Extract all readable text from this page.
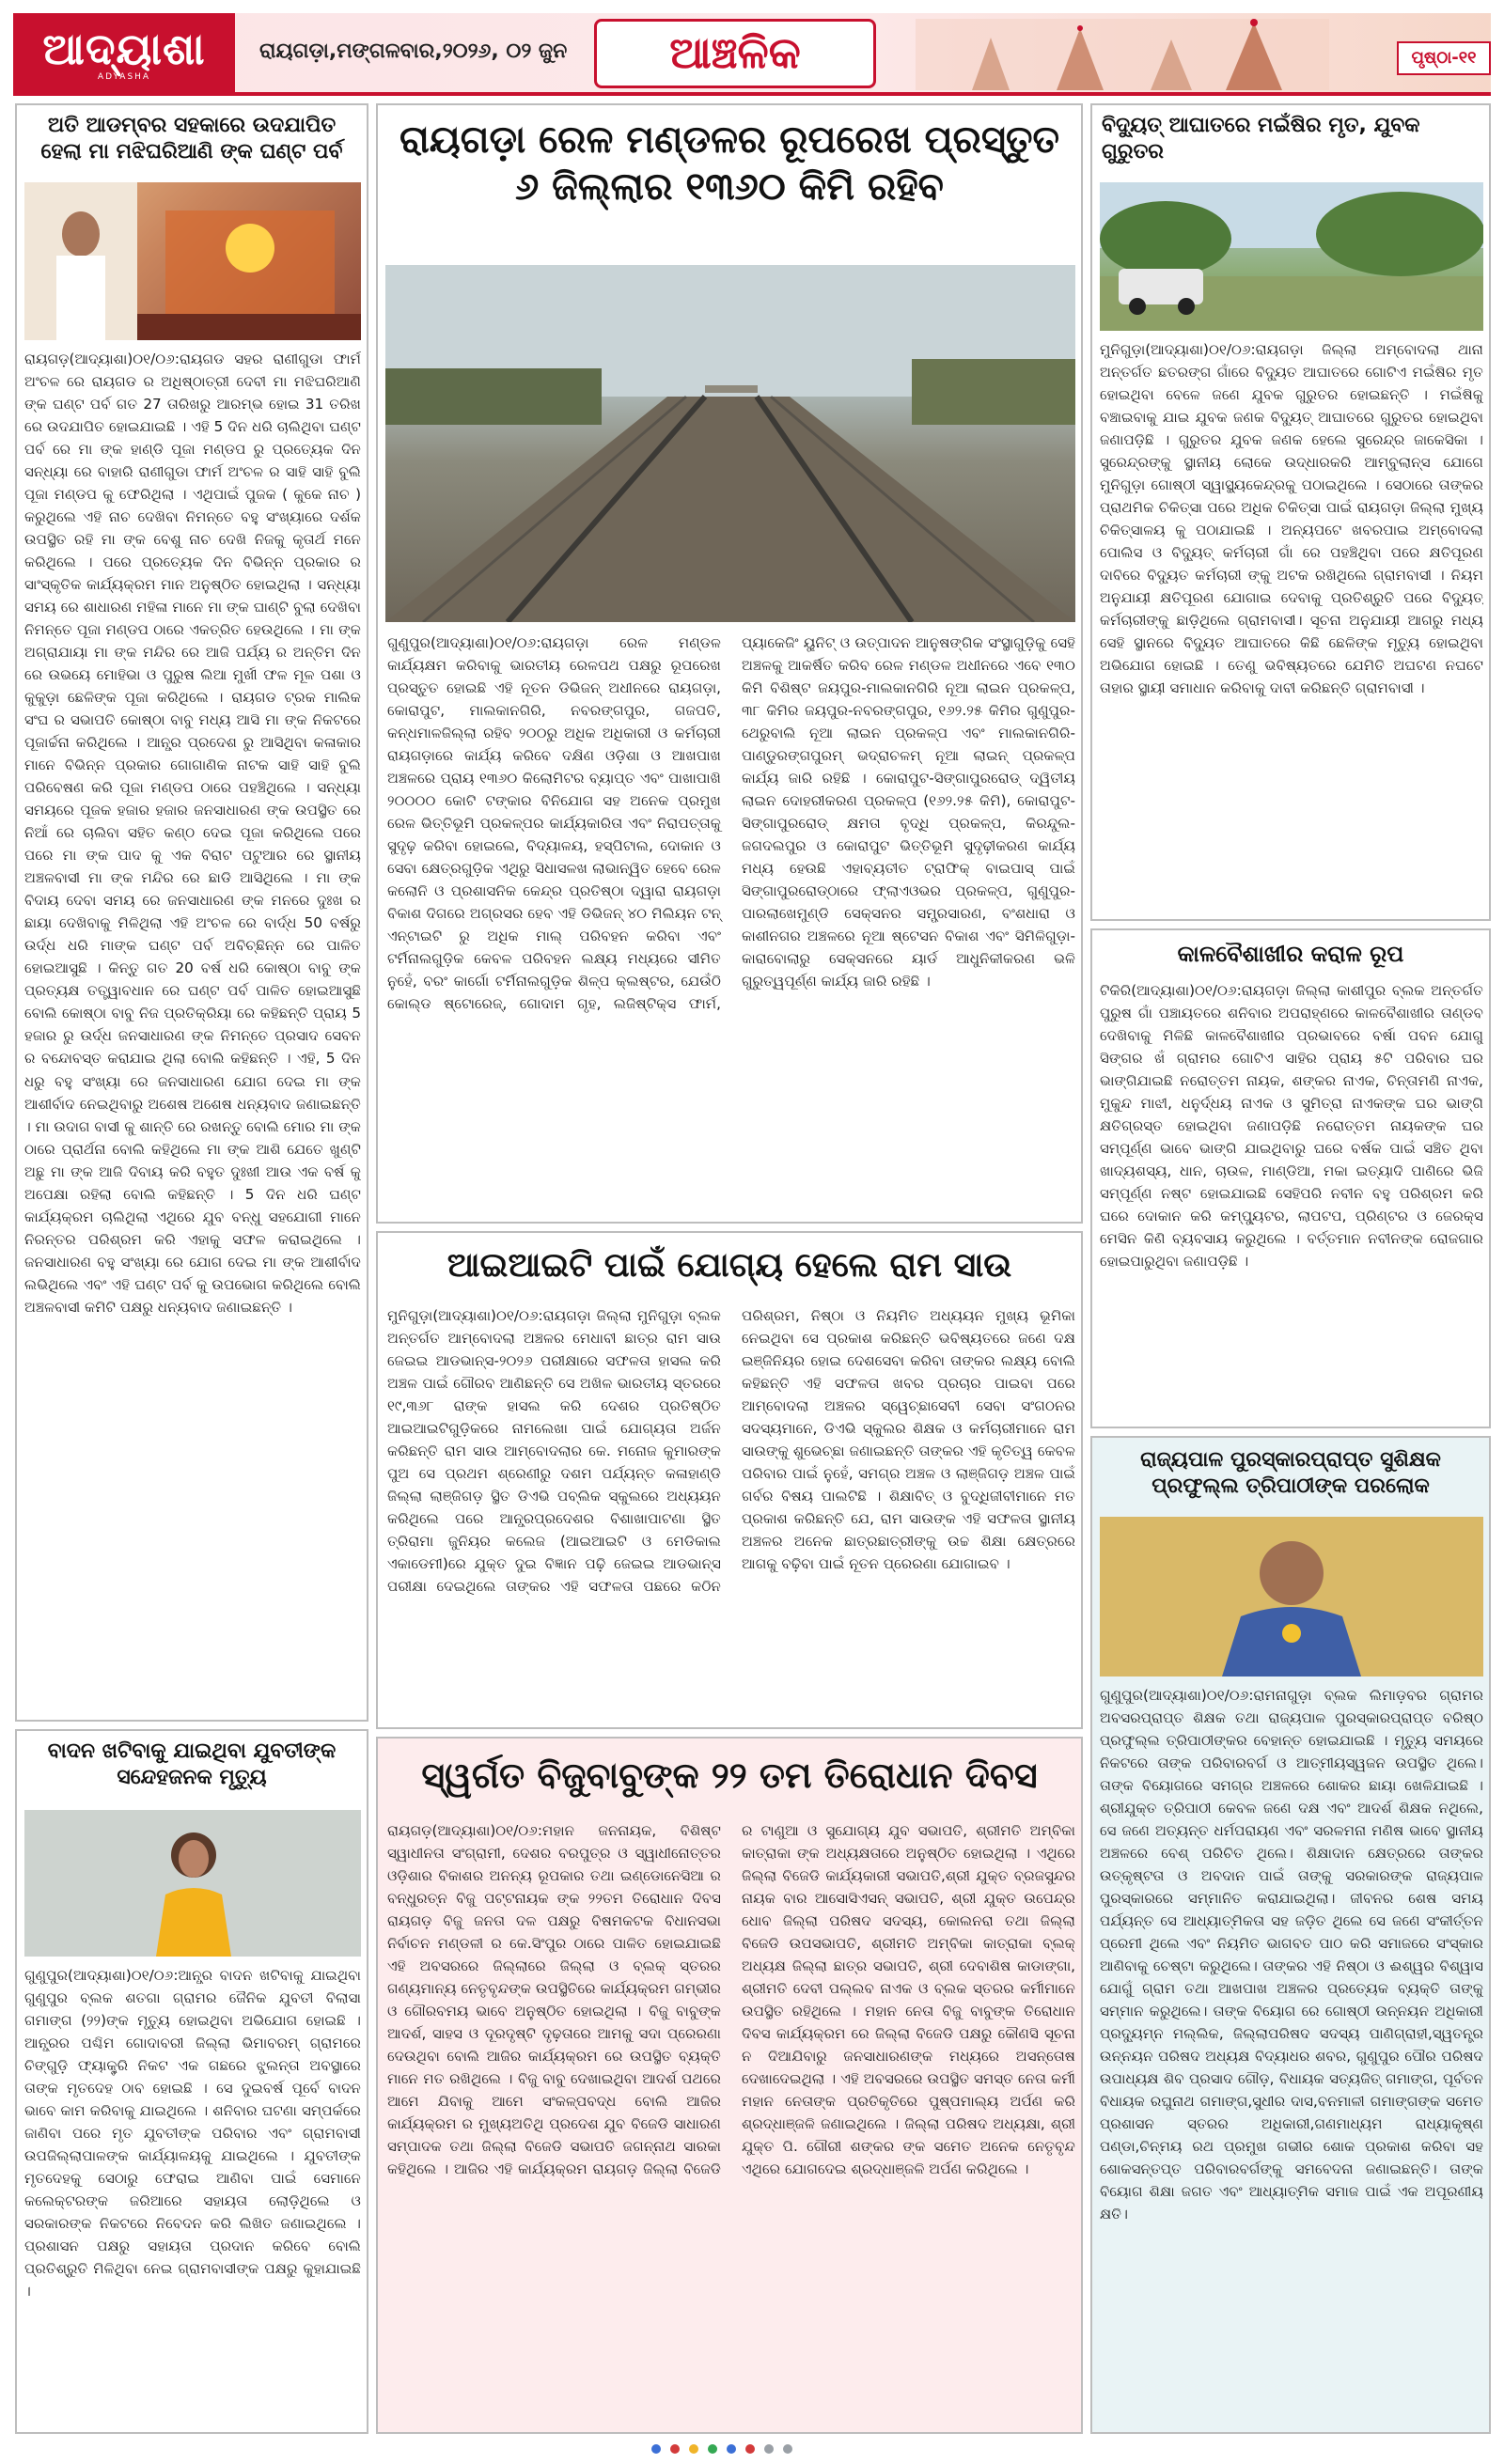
ଆଦ୍ୟାଶା
ADYASHA
ରାୟଗଡ଼ା,ମଙ୍ଗଳବାର,୨୦୨୬, ୦୨ ଜୁନ	ଆଞ୍ଚଳିକ	ପୃଷ୍ଠା-୧୧
ଅତି ଆଡମ୍ବର ସହକାରେ ଉଦଯାପିତ ହେଲା ମା ମଝିଘରିଆଣି ଙ୍କ ଘଣ୍ଟ ପର୍ବ
ରାୟଗଡ଼(ଆଦ୍ୟାଶା)୦୧/୦୬:ରାୟଗଡ ସହର ରାଣୀଗୁଡା ଫାର୍ମ ଅଂଚଳ ରେ ରାୟଗଡ ର ଅଧିଷ୍ଠାତ୍ରୀ ଦେବୀ ମା ମଝିଘରିଆଣି ଙ୍କ ଘଣ୍ଟ ପର୍ବ ଗତ 27 ତାରିଖରୁ ଆରମ୍ଭ ହୋଇ 31 ତରିଖ ରେ ଉଦଯାପିତ ହୋଇଯାଇଛି । ଏହି 5 ଦିନ ଧରି ଚାଲିଥିବା ଘଣ୍ଟ ପର୍ବ ରେ ମା ଙ୍କ ହାଣ୍ଡି ପୂଜା ମଣ୍ଡପ ରୁ ପ୍ରତ୍ୟେକ ଦିନ ସନ୍ଧ୍ୟା ରେ ବାହାରି ରାଣୀଗୁଡା ଫାର୍ମ ଅଂଚଳ ର ସାହି ସାହି ବୁଲି ପୂଜା ମଣ୍ଡପ କୁ ଫେରିଥିଲା । ଏଥିପାଇଁ ପୁଜକ ( କୁକେ ନାଚ ) କରୁଥିଲେ ଏହି ନାଚ ଦେଖିବା ନିମନ୍ତେ ବହୁ ସଂଖ୍ୟାରେ ଦର୍ଶକ ଉପସ୍ଥିତ ରହି ମା ଙ୍କ ବେଶୁ ନାଚ ଦେଖି ନିଜକୁ କୃତାର୍ଥ ମନେ କରିଥିଲେ । ପରେ ପ୍ରତ୍ୟେକ ଦିନ ବିଭିନ୍ନ ପ୍ରକାର ର ସାଂସ୍କୃତିକ କାର୍ଯ୍ୟକ୍ରମ ମାନ ଅନୁଷ୍ଠିତ ହୋଇଥିଲା । ସନ୍ଧ୍ୟା ସମୟ ରେ ଶାଧାରଣ ମହିଳା ମାନେ ମା ଙ୍କ ଘାଣ୍ଟି ବୁଲା ଦେଖିବା ନିମନ୍ତେ ପୂଜା ମଣ୍ଡପ ଠାରେ ଏକତ୍ରିତ ହେଉଥିଲେ । ମା ଙ୍କ ଅଗ୍ରାଯାୟା ମା ଙ୍କ ମନ୍ଦିର ରେ ଆଜି ପର୍ଯ୍ୟ ର ଅନ୍ତିମ ଦିନ ରେ ଉଭୟେ ମୋହିଭା ଓ ପୁରୁଷ ଲିଆ ମୁର୍ଖୀ ଫଳ ମୂଳ ପଶା ଓ କୁକୁଡ଼ା ଛେଳିଙ୍କ ପୂଜା କରିଥିଲେ । ରାୟଗଡ ଟ୍ରକ ମାଲିକ ସଂଘ ର ସଭାପତି କୋଷ୍ଠା ବାବୁ ମଧ୍ୟ ଆସି ମା ଙ୍କ ନିକଟରେ ପୂଜାର୍ଚ୍ଚନା କରିଥିଲେ । ଆନ୍ଧ୍ର ପ୍ରଦେଶ ରୁ ଆସିଥିବା କଳାକାର ମାନେ ବିଭିନ୍ନ ପ୍ରକାର ଗୋଗାଣିକ ନାଟକ ସାହି ସାହି ବୁଲି ପରିବେଷଣ କରି ପୂଜା ମଣ୍ଡପ ଠାରେ ପହଞ୍ଚିଥିଲେ । ସନ୍ଧ୍ୟା ସମୟରେ ପୂଜକ ହଜାର ହଜାର ଜନସାଧାରଣ ଙ୍କ ଉପସ୍ଥିତ ରେ ନିଆଁ ରେ ଚାଲିବା ସହିତ କଣ୍ଠ ଦେଇ ପୂଜା କରିଥିଲେ ପରେ ପରେ ମା ଙ୍କ ପାଦ କୁ ଏକ ବିରାଟ ପଟୁଆର ରେ ସ୍ଥାନୀୟ ଅଞ୍ଚଳବାସୀ ମା ଙ୍କ ମନ୍ଦିର ରେ ଛାଡି ଆସିଥିଲେ । ମା ଙ୍କ ବିଦାୟ ଦେବା ସମୟ ରେ ଜନସାଧାରଣ ଙ୍କ ମନରେ ଦୁଃଖ ର ଛାୟା ଦେଖିବାକୁ ମିଳିଥିଲା ଏହି ଅଂଚଳ ରେ ବାର୍ଦ୍ଧ 50 ବର୍ଷରୁ ଉର୍ଦ୍ଧ ଧରି ମାଙ୍କ ଘଣ୍ଟ ପର୍ବ ଅବିଚ୍ଛିନ୍ନ ରେ ପାଳିତ ହୋଇଆସୁଛି । କିନ୍ତୁ ଗତ 20 ବର୍ଷ ଧରି କୋଷ୍ଠା ବାବୁ ଙ୍କ ପ୍ରତ୍ୟକ୍ଷ ତତ୍ତ୍ୱାବଧାନ ରେ ଘଣ୍ଟ ପର୍ବ ପାଳିତ ହୋଇଆସୁଛି ବୋଲି କୋଷ୍ଠା ବାବୁ ନିଜ ପ୍ରତିକ୍ରିୟା ରେ କହିଛନ୍ତି ପ୍ରାୟ 5 ହଜାର ରୁ ଉର୍ଦ୍ଧ ଜନସାଧାରଣ ଙ୍କ ନିମନ୍ତେ ପ୍ରସାଦ ସେବନ ର ବନ୍ଦୋବସ୍ତ କରାଯାଇ ଥିଲା ବୋଲି କହିଛନ୍ତି । ଏହି, 5 ଦିନ ଧରୁ ବହୁ ସଂଖ୍ୟା ରେ ଜନସାଧାରଣ ଯୋଗ ଦେଇ ମା ଙ୍କ ଆଶୀର୍ବାଦ ନେଇଥିବାରୁ ଅଶେଷ ଅଶେଷ ଧନ୍ୟବାଦ ଜଣାଇଛନ୍ତି । ମା ଉଦାଗ ବାସୀ କୁ ଶାନ୍ତି ରେ ରଖନ୍ତୁ ବୋଲି ମୋର ମା ଙ୍କ ଠାରେ ପ୍ରାର୍ଥନା ବୋଲି କହିଥିଲେ ମା ଙ୍କ ଆଶି ଯେତେ ଖୁଣ୍ଟି ଅଛୁ ମା ଙ୍କ ଆଜି ଦିବାୟ କରି ବହୁତ ଦୁଃଖୀ ଆଉ ଏକ ବର୍ଷ କୁ ଅପେକ୍ଷା ରହିଲା ବୋଲି କହିଛନ୍ତି । 5 ଦିନ ଧରି ଘଣ୍ଟ କାର୍ଯ୍ୟକ୍ରମ ଚାଲିଥିଲା ଏଥିରେ ଯୁବ ବନ୍ଧୁ ସହଯୋଗୀ ମାନେ ନିରନ୍ତର ପରିଶ୍ରମ କରି ଏହାକୁ ସଫଳ କରାଇଥିଲେ । ଜନସାଧାରଣ ବହୁ ସଂଖ୍ୟା ରେ ଯୋଗ ଦେଇ ମା ଙ୍କ ଆଶୀର୍ବାଦ ଲଭିଥିଲେ ଏବଂ ଏହି ଘଣ୍ଟ ପର୍ବ କୁ ଉପଭୋଗ କରିଥିଲେ ବୋଲି ଅଞ୍ଚଳବାସୀ କମିଟି ପକ୍ଷରୁ ଧନ୍ୟବାଦ ଜଣାଇଛନ୍ତି ।
ବାଦନ ଖଟିବାକୁ ଯାଇଥିବା ଯୁବତୀଙ୍କ ସନ୍ଦେହଜନକ ମୃତ୍ୟୁ
ଗୁଣୁପୁର(ଆଦ୍ୟାଶା)୦୧/୦୬:ଆନ୍ଧ୍ର ବାଦନ ଖଟିବାକୁ ଯାଇଥିବା ଗୁଣୁପୁର ବ୍ଲକ ଶତଗା ଗ୍ରାମର ଜୈନିକ ଯୁବତୀ ବିଲାସା ଗମାଙ୍ଗ (୨୨)ଙ୍କ ମୃତ୍ୟୁ ହୋଇଥିବା ଅଭିଯୋଗ ହୋଇଛି । ଆନ୍ଧ୍ରର ପଶ୍ଚିମ ଗୋଦାବରୀ ଜିଲ୍ଲା ଭିମାବରମ୍ ଗ୍ରାମରେ ଚିଙ୍ଗୁଡ଼ି ଫ୍ୟାକ୍ଟ୍ରି ନିକଟ ଏକ ଗଛରେ ଝୁଲନ୍ତା ଅବସ୍ଥାରେ ତାଙ୍କ ମୃତଦେହ ଠାବ ହୋଇଛି । ସେ ଦୁଇବର୍ଷ ପୂର୍ବେ ବାଦନ ଭାବେ କାମ କରିବାକୁ ଯାଇଥିଲେ । ଶନିବାର ଘଟଣା ସମ୍ପର୍କରେ ଜାଣିବା ପରେ ମୃତ ଯୁବତୀଙ୍କ ପରିବାର ଏବଂ ଗ୍ରାମବାସୀ ଉପଜିଲ୍ଲାପାଳଙ୍କ କାର୍ଯ୍ୟାଳୟକୁ ଯାଇଥିଲେ । ଯୁବତୀଙ୍କ ମୃତଦେହକୁ ସେଠାରୁ ଫେରାଇ ଆଣିବା ପାଇଁ ସେମାନେ କଲେକ୍ଟରଙ୍କ ଜରିଆରେ ସହାୟତା ଲୋଡ଼ିଥିଲେ ଓ ସରକାରଙ୍କ ନିକଟରେ ନିବେଦନ କରି ଲିଖିତ ଜଣାଇଥିଲେ । ପ୍ରଶାସନ ପକ୍ଷରୁ ସହାୟତା ପ୍ରଦାନ କରିବେ ବୋଲି ପ୍ରତିଶ୍ରୁତି ମିଳିଥିବା ନେଇ ଗ୍ରାମବାସୀଙ୍କ ପକ୍ଷରୁ କୁହାଯାଇଛି ।
ରାୟଗଡ଼ା ରେଳ ମଣ୍ଡଳର ରୂପରେଖ ପ୍ରସ୍ତୁତ ୬ ଜିଲ୍ଲାର ୧୩୬୦ କିମି ରହିବ
ଗୁଣୁପୁର(ଆଦ୍ୟାଶା)୦୧/୦୬:ରାୟଗଡ଼ା ରେଳ ମଣ୍ଡଳ କାର୍ଯ୍ୟକ୍ଷମ କରିବାକୁ ଭାରତୀୟ ରେଳପଥ ପକ୍ଷରୁ ରୂପରେଖ ପ୍ରସ୍ତୁତ ହୋଇଛି ଏହି ନୂତନ ଡିଭିଜନ୍ ଅଧୀନରେ ରାୟଗଡ଼ା, କୋରାପୁଟ, ମାଲକାନଗିରି, ନବରଙ୍ଗପୁର, ଗଜପତି, କନ୍ଧମାଳଜିଲ୍ଲା ରହିବ ୨୦୦ରୁ ଅଧିକ ଅଧିକାରୀ ଓ କର୍ମଚାରୀ ରାୟଗଡ଼ାରେ କାର୍ଯ୍ୟ କରିବେ ଦକ୍ଷିଣ ଓଡ଼ିଶା ଓ ଆଖପାଖ ଅଞ୍ଚଳରେ ପ୍ରାୟ ୧୩୬୦ କିଲୋମିଟର ବ୍ୟାପ୍ତ ଏବଂ ପାଖାପାଖି ୨୦୦୦୦ କୋଟି ଟଙ୍କାର ବିନିଯୋଗ ସହ ଅନେକ ପ୍ରମୁଖ ରେଳ ଭିତ୍ତିଭୂମି ପ୍ରକଳ୍ପର କାର୍ଯ୍ୟକାରିତା ଏବଂ ନିରାପତ୍ତାକୁ ସୁଦୃଢ଼ କରିବା ହୋଇଲେ, ବିଦ୍ୟାଳୟ, ହସ୍ପିଟାଲ, ଦୋକାନ ଓ ସେବା କ୍ଷେତ୍ରଗୁଡ଼ିକ ଏଥିରୁ ସିଧାସଳଖ ଲାଭାନ୍ୱିତ ହେବେ ରେଳ କଲୋନି ଓ ପ୍ରଶାସନିକ କେନ୍ଦ୍ର ପ୍ରତିଷ୍ଠା ଦ୍ୱାରା ରାୟଗଡ଼ା ବିକାଶ ଦିଗରେ ଅଗ୍ରସର ହେବ ଏହି ଡିଭିଜନ୍ ୪୦ ମିଲିୟନ ଟନ୍ ଏନ୍ଟାଇଟି ରୁ ଅଧିକ ମାଲ୍ ପରିବହନ କରିବା ଏବଂ ଟର୍ମିନାଲଗୁଡ଼ିକ କେବଳ ପରିବହନ ଲକ୍ଷ୍ୟ ମଧ୍ୟରେ ସୀମିତ ନୁହେଁ, ବରଂ କାର୍ଗୋ ଟର୍ମିନାଲଗୁଡ଼ିକ ଶିଳ୍ପ କ୍ଲଷ୍ଟର, ଯେଉଁଠି କୋଲ୍ଡ ଷ୍ଟୋରେଜ୍, ଗୋଦାମ ଗୃହ, ଲଜିଷ୍ଟିକ୍ସ ଫାର୍ମ, ପ୍ୟାକେଜିଂ ୟୁନିଟ୍ ଓ ଉତ୍ପାଦନ ଆନୁଷଙ୍ଗିକ ସଂସ୍ଥାଗୁଡ଼ିକୁ ସେହି ଅଞ୍ଚଳକୁ ଆକର୍ଷିତ କରିବ ରେଳ ମଣ୍ଡଳ ଅଧୀନରେ ଏବେ ୧୩୦ କିମି ବିଶିଷ୍ଟ ଜୟପୁର-ମାଲକାନଗିରି ନୂଆ ଲାଇନ ପ୍ରକଳ୍ପ, ୩୮ କିମିର ଜୟପୁର-ନବରଙ୍ଗପୁର, ୧୬୨.୨୫ କିମିର ଗୁଣୁପୁର-ଥେରୁବାଲି ନୂଆ ଲାଇନ ପ୍ରକଳ୍ପ ଏବଂ ମାଲକାନଗିରି-ପାଣ୍ଡୁରଙ୍ଗପୁରମ୍ ଭଦ୍ରାଚଳମ୍ ନୂଆ ଲାଇନ୍ ପ୍ରକଳ୍ପ କାର୍ଯ୍ୟ ଜାରି ରହିଛି । କୋରାପୁଟ-ସିଙ୍ଗାପୁରରୋଡ୍ ଦ୍ୱିତୀୟ ଲାଇନ ଦୋହରୀକରଣ ପ୍ରକଳ୍ପ (୧୬୨.୨୫ କିମି), କୋରାପୁଟ-ସିଙ୍ଗାପୁରରୋଡ୍ କ୍ଷମତା ବୃଦ୍ଧି ପ୍ରକଳ୍ପ, କିରନ୍ଦୁଲ-ଜଗଦଲପୁର ଓ କୋରାପୁଟ ଭିତ୍ତିଭୂମି ସୁଦୃଢ଼ୀକରଣ କାର୍ଯ୍ୟ ମଧ୍ୟ ହେଉଛି ଏହାବ୍ୟତୀତ ଟ୍ରାଫିକ୍ ବାଇପାସ୍ ପାଇଁ ସିଙ୍ଗାପୁରରୋଡ୍‌ଠାରେ ଫ୍ଲାଏଓଭର ପ୍ରକଳ୍ପ, ଗୁଣୁପୁର-ପାରଲାଖେମୁଣ୍ଡି ସେକ୍ସନର ସମ୍ପ୍ରସାରଣ, ବଂଶଧାରା ଓ କାଶୀନଗର ଅଞ୍ଚଳରେ ନୂଆ ଷ୍ଟେସନ ବିକାଶ ଏବଂ ସିମିଳିଗୁଡ଼ା-କାରାବୋଲାରୁ ସେକ୍ସନରେ ୟାର୍ଡ ଆଧୁନିକୀକରଣ ଭଳି ଗୁରୁତ୍ୱପୂର୍ଣ୍ଣ କାର୍ଯ୍ୟ ଜାରି ରହିଛି ।
ଆଇଆଇଟି ପାଇଁ ଯୋଗ୍ୟ ହେଲେ ରାମ ସାଉ
ମୁନିଗୁଡ଼ା(ଆଦ୍ୟାଶା)୦୧/୦୬:ରାୟଗଡ଼ା ଜିଲ୍ଲା ମୁନିଗୁଡ଼ା ବ୍ଲକ ଅନ୍ତର୍ଗତ ଆମ୍ବୋଦଲା ଅଞ୍ଚଳର ମେଧାବୀ ଛାତ୍ର ରାମ ସାଉ ଜେଇଇ ଆଡଭାନ୍ସ-୨୦୨୬ ପରୀକ୍ଷାରେ ସଫଳତା ହାସଲ କରି ଅଞ୍ଚଳ ପାଇଁ ଗୌରବ ଆଣିଛନ୍ତି ସେ ଅଖିଳ ଭାରତୀୟ ସ୍ତରରେ ୧୯,୩୬୮ ରାଙ୍କ ହାସଲ କରି ଦେଶର ପ୍ରତିଷ୍ଠିତ ଆଇଆଇଟିଗୁଡ଼ିକରେ ନାମଲେଖା ପାଇଁ ଯୋଗ୍ୟତା ଅର୍ଜନ କରିଛନ୍ତି ରାମ ସାଉ ଆମ୍ବୋଦଲାର କେ. ମନୋଜ କୁମାରଙ୍କ ପୁଅ ସେ ପ୍ରଥମ ଶ୍ରେଣୀରୁ ଦଶମ ପର୍ଯ୍ୟନ୍ତ କଳାହାଣ୍ଡି ଜିଲ୍ଲା ଲାଞ୍ଜିଗଡ଼ ସ୍ଥିତ ଡିଏଭି ପବ୍ଲିକ ସ୍କୁଲରେ ଅଧ୍ୟୟନ କରିଥିଲେ ପରେ ଆନ୍ଧ୍ରପ୍ରଦେଶର ବିଶାଖାପାଟଣା ସ୍ଥିତ ତ୍ରିରାମା ଜୁନିୟର କଲେଜ (ଆଇଆଇଟି ଓ ମେଡିକାଲ ଏକାଡେମୀ)ରେ ଯୁକ୍ତ ଦୁଇ ବିଜ୍ଞାନ ପଢ଼ି ଜେଇଇ ଆଡଭାନ୍ସ ପରୀକ୍ଷା ଦେଇଥିଲେ ତାଙ୍କର ଏହି ସଫଳତା ପଛରେ କଠିନ ପରିଶ୍ରମ, ନିଷ୍ଠା ଓ ନିୟମିତ ଅଧ୍ୟୟନ ମୁଖ୍ୟ ଭୂମିକା ନେଇଥିବା ସେ ପ୍ରକାଶ କରିଛନ୍ତି ଭବିଷ୍ୟତରେ ଜଣେ ଦକ୍ଷ ଇଞ୍ଜିନିୟର ହୋଇ ଦେଶସେବା କରିବା ତାଙ୍କର ଲକ୍ଷ୍ୟ ବୋଲି କହିଛନ୍ତି ଏହି ସଫଳତା ଖବର ପ୍ରଚାର ପାଇବା ପରେ ଆମ୍ବୋଦଲା ଅଞ୍ଚଳର ସ୍ୱେଚ୍ଛାସେବୀ ସେବା ସଂଗଠନର ସଦସ୍ୟମାନେ, ଡିଏଭି ସ୍କୁଲର ଶିକ୍ଷକ ଓ କର୍ମଚାରୀମାନେ ରାମ ସାଉଙ୍କୁ ଶୁଭେଚ୍ଛା ଜଣାଇଛନ୍ତି ତାଙ୍କର ଏହି କୃତିତ୍ୱ କେବଳ ପରିବାର ପାଇଁ ନୁହେଁ, ସମଗ୍ର ଅଞ୍ଚଳ ଓ ଲାଞ୍ଜିଗଡ଼ ଅଞ୍ଚଳ ପାଇଁ ଗର୍ବର ବିଷୟ ପାଲଟିଛି । ଶିକ୍ଷାବିତ୍ ଓ ବୁଦ୍ଧିଜୀବୀମାନେ ମତ ପ୍ରକାଶ କରିଛନ୍ତି ଯେ, ରାମ ସାଉଙ୍କ ଏହି ସଫଳତା ସ୍ଥାନୀୟ ଅଞ୍ଚଳର ଅନେକ ଛାତ୍ରଛାତ୍ରୀଙ୍କୁ ଉଚ୍ଚ ଶିକ୍ଷା କ୍ଷେତ୍ରରେ ଆଗକୁ ବଢ଼ିବା ପାଇଁ ନୂତନ ପ୍ରେରଣା ଯୋଗାଇବ ।
ସ୍ୱର୍ଗତ ବିଜୁବାବୁଙ୍କ ୨୨ ତମ ତିରୋଧାନ ଦିବସ
ରାୟଗଡ଼(ଆଦ୍ୟାଶା)୦୧/୦୬:ମହାନ ଜନନାୟକ, ବିଶିଷ୍ଟ ସ୍ୱାଧୀନତା ସଂଗ୍ରାମୀ, ଦେଶର ବରପୁତ୍ର ଓ ସ୍ୱାଧୀନୋତ୍ତର ଓଡ଼ିଶାର ବିକାଶର ଅନନ୍ୟ ରୂପକାର ତଥା ଇଣ୍ଡୋନେସିଆ ର ବନ୍ଧୁରତ୍ନ ବିଜୁ ପଟ୍ଟନାୟକ ଙ୍କ ୨୨ତମ ତିରୋଧାନ ଦିବସ ରାୟଗଡ଼ ବିଜୁ ଜନତା ଦଳ ପକ୍ଷରୁ ବିଷମକଟକ ବିଧାନସଭା ନିର୍ବାଚନ ମଣ୍ଡଳୀ ର କେ.ସିଂପୁର ଠାରେ ପାଳିତ ହୋଇଯାଇଛି ଏହି ଅବସରରେ ଜିଲ୍ଲାରେ ଜିଲ୍ଲା ଓ ବ୍ଲକ୍ ସ୍ତରର ଗଣ୍ୟମାନ୍ୟ ନେତୃବୃନ୍ଦଙ୍କ ଉପସ୍ଥିତିରେ କାର୍ଯ୍ୟକ୍ରମ ଗମ୍ଭୀର ଓ ଗୌରବମୟ ଭାବେ ଅନୁଷ୍ଠିତ ହୋଇଥିଲା । ବିଜୁ ବାବୁଙ୍କ ଆଦର୍ଶ, ସାହସ ଓ ଦୂରଦୃଷ୍ଟି ଦୃଢ଼ତାରେ ଆମକୁ ସଦା ପ୍ରେରଣା ଦେଉଥିବା ବୋଲି ଆଜିର କାର୍ଯ୍ୟକ୍ରମ ରେ ଉପସ୍ଥିତ ବ୍ୟକ୍ତି ମାନେ ମତ ରଖିଥିଲେ । ବିଜୁ ବାବୁ ଦେଖାଇଥିବା ଆଦର୍ଶ ପଥରେ ଆମେ ଯିବାକୁ ଆମେ ସଂକଳ୍ପବଦ୍ଧ ବୋଲି ଆଜିର କାର୍ଯ୍ୟକ୍ରମ ର ମୁଖ୍ୟଅତିଥି ପ୍ରଦେଶ ଯୁବ ବିଜେଡି ସାଧାରଣ ସମ୍ପାଦକ ତଥା ଜିଲ୍ଲା ବିଜେଡି ସଭାପତି ଜଗନ୍ନାଥ ସାରକା କହିଥିଲେ । ଆଜିର ଏହି କାର୍ଯ୍ୟକ୍ରମ ରାୟଗଡ଼ ଜିଲ୍ଲା ବିଜେଡି ର ଟାଣୁଆ ଓ ସୁଯୋଗ୍ୟ ଯୁବ ସଭାପତି, ଶ୍ରୀମତି ଅମ୍ବିକା କାତ୍ରାକା ଙ୍କ ଅଧ୍ୟକ୍ଷତାରେ ଅନୁଷ୍ଠିତ ହୋଇଥିଲା । ଏଥିରେ ଜିଲ୍ଲା ବିଜେଡି କାର୍ଯ୍ୟକାରୀ ସଭାପତି,ଶ୍ରୀ ଯୁକ୍ତ ବ୍ରଜସୁନ୍ଦର ନାୟକ ବାର ଆସୋସିଏସନ୍ ସଭାପତି, ଶ୍ରୀ ଯୁକ୍ତ ଉପେନ୍ଦ୍ର ଧୋବ ଜିଲ୍ଲା ପରିଷଦ ସଦସ୍ୟ, କୋଲନରା ତଥା ଜିଲ୍ଲା ବିଜେଡି ଉପସଭାପତି, ଶ୍ରୀମତି ଅମ୍ବିକା କାତ୍ରାକା ବ୍ଲକ୍ ଅଧ୍ୟକ୍ଷ ଜିଲ୍ଲା ଛାତ୍ର ସଭାପତି, ଶ୍ରୀ ଦେବାଶିଷ କାଡାଙ୍ଗା, ଶ୍ରୀମତି ଦେବୀ ପଲ୍ଲବ ନାଏକ ଓ ବ୍ଲକ ସ୍ତରର କର୍ମୀମାନେ ଉପସ୍ଥିତ ରହିଥିଲେ । ମହାନ ନେତା ବିଜୁ ବାବୁଙ୍କ ତିରୋଧାନ ଦିବସ କାର୍ଯ୍ୟକ୍ରମ ରେ ଜିଲ୍ଲା ବିଜେଡି ପକ୍ଷରୁ କୌଣସି ସୂଚନା ନ ଦିଆଯିବାରୁ ଜନସାଧାରଣଙ୍କ ମଧ୍ୟରେ ଅସନ୍ତୋଷ ଦେଖାଦେଇଥିଲା । ଏହି ଅବସରରେ ଉପସ୍ଥିତ ସମସ୍ତ ନେତା କର୍ମୀ ମହାନ ନେତାଙ୍କ ପ୍ରତିକୃତିରେ ପୁଷ୍ପମାଲ୍ୟ ଅର୍ପଣ କରି ଶ୍ରଦ୍ଧାଞ୍ଜଳି ଜଣାଇଥିଲେ । ଜିଲ୍ଲା ପରିଷଦ ଅଧ୍ୟକ୍ଷା, ଶ୍ରୀ ଯୁକ୍ତ ପି. ଗୌରୀ ଶଙ୍କର ଙ୍କ ସମେତ ଅନେକ ନେତୃବୃନ୍ଦ ଏଥିରେ ଯୋଗଦେଇ ଶ୍ରଦ୍ଧାଞ୍ଜଳି ଅର୍ପଣ କରିଥିଲେ ।
ବିଦ୍ୟୁତ୍ ଆଘାତରେ ମଇଁଷିର ମୃତ, ଯୁବକ ଗୁରୁତର
ମୁନିଗୁଡ଼ା(ଆଦ୍ୟାଶା)୦୧/୦୬:ରାୟଗଡ଼ା ଜିଲ୍ଲା ଅମ୍ବୋଦଲା ଥାନା ଅନ୍ତର୍ଗତ ଛତରଙ୍ଗ ଗାଁରେ ବିଦ୍ୟୁତ ଆଘାତରେ ଗୋଟିଏ ମଇଁଷିର ମୃତ ହୋଇଥିବା ବେଳେ ଜଣେ ଯୁବକ ଗୁରୁତର ହୋଇଛନ୍ତି । ମଇଁଷିକୁ ବଞ୍ଚାଇବାକୁ ଯାଇ ଯୁବକ ଜଣକ ବିଦ୍ୟୁତ୍ ଆଘାତରେ ଗୁରୁତର ହୋଇଥିବା ଜଣାପଡ଼ିଛି । ଗୁରୁତର ଯୁବକ ଜଣକ ହେଲେ ସୁରେନ୍ଦ୍ର ଜାକେସିକା । ସୁରେନ୍ଦ୍ରଙ୍କୁ ସ୍ଥାନୀୟ ଲୋକେ ଉଦ୍ଧାରକରି ଆମ୍ବୁଲାନ୍ସ ଯୋଗେ ମୁନିଗୁଡ଼ା ଗୋଷ୍ଠୀ ସ୍ୱାସ୍ଥ୍ୟକେନ୍ଦ୍ରକୁ ପଠାଇଥିଲେ । ସେଠାରେ ତାଙ୍କର ପ୍ରାଥମିକ ଚିକିତ୍ସା ପରେ ଅଧିକ ଚିକିତ୍ସା ପାଇଁ ରାୟଗଡ଼ା ଜିଲ୍ଲା ମୁଖ୍ୟ ଚିକିତ୍ସାଳୟ କୁ ପଠାଯାଇଛି । ଅନ୍ୟପଟେ ଖବରପାଇ ଅମ୍ବୋଦଲା ପୋଲିସ ଓ ବିଦ୍ୟୁତ୍ କର୍ମଚାରୀ ଗାଁ ରେ ପହଞ୍ଚିଥିବା ପରେ କ୍ଷତିପୂରଣ ଦାବିରେ ବିଦ୍ୟୁତ କର୍ମଚାରୀ ଙ୍କୁ ଅଟକ ରଖିଥିଲେ ଗ୍ରାମବାସୀ । ନିୟମ ଅନୁଯାୟୀ କ୍ଷତିପୂରଣ ଯୋଗାଇ ଦେବାକୁ ପ୍ରତିଶ୍ରୁତି ପରେ ବିଦ୍ୟୁତ୍ କର୍ମଚାରୀଙ୍କୁ ଛାଡ଼ିଥିଲେ ଗ୍ରାମବାସୀ। ସୂଚନା ଅନୁଯାୟୀ ଆଗରୁ ମଧ୍ୟ ସେହି ସ୍ଥାନରେ ବିଦ୍ୟୁତ ଆଘାତରେ କିଛି ଛେଳିଙ୍କ ମୃତ୍ୟୁ ହୋଇଥିବା ଅଭିଯୋଗ ହୋଇଛି । ତେଣୁ ଭବିଷ୍ୟତରେ ଯେମିତି ଅଘଟଣ ନଘଟେ ତାହାର ସ୍ଥାୟୀ ସମାଧାନ କରିବାକୁ ଦାବୀ କରିଛନ୍ତି ଗ୍ରାମବାସୀ ।
କାଳବୈଶାଖୀର କରାଳ ରୂପ
ଟିକିରି(ଆଦ୍ୟାଶା)୦୧/୦୬:ରାୟଗଡ଼ା ଜିଲ୍ଲା କାଶୀପୁର ବ୍ଲକ ଅନ୍ତର୍ଗତ ପୁରୁଷ ଗାଁ ପଞ୍ଚାୟତରେ ଶନିବାର ଅପରାହ୍ଣରେ କାଳବୈଶାଖୀର ତାଣ୍ଡବ ଦେଖିବାକୁ ମିଳିଛି କାଳବୈଶାଖୀର ପ୍ରଭାବରେ ବର୍ଷା ପବନ ଯୋଗୁ ସିଙ୍ଗର ଖଁ ଗ୍ରାମର ଗୋଟିଏ ସାହିର ପ୍ରାୟ ୫ଟି ପରିବାର ଘର ଭାଙ୍ଗିଯାଇଛି ନରୋତ୍ତମ ନାୟକ, ଶଙ୍କର ନାଏକ, ଚିନ୍ତାମଣି ନାଏକ, ମୁକୁନ୍ଦ ମାଝୀ, ଧନୁର୍ଦ୍ଧୟ ନାଏକ ଓ ସୁମିତ୍ରା ନାଏକଙ୍କ ଘର ଭାଙ୍ଗି କ୍ଷତିଗ୍ରସ୍ତ ହୋଇଥିବା ଜଣାପଡ଼ିଛି ନରୋତ୍ତମ ନାୟକଙ୍କ ଘର ସମ୍ପୂର୍ଣ୍ଣ ଭାବେ ଭାଙ୍ଗି ଯାଇଥିବାରୁ ଘରେ ବର୍ଷକ ପାଇଁ ସଞ୍ଚିତ ଥିବା ଖାଦ୍ୟଶସ୍ୟ, ଧାନ, ଚାଉଳ, ମାଣ୍ଡିଆ, ମକା ଇତ୍ୟାଦି ପାଣିରେ ଭିଜି ସମ୍ପୂର୍ଣ୍ଣ ନଷ୍ଟ ହୋଇଯାଇଛି ସେହିପରି ନବୀନ ବହୁ ପରିଶ୍ରମ କରି ଘରେ ଦୋକାନ କରି କମ୍ପ୍ୟୁଟର, ଲାପଟପ, ପ୍ରିଣ୍ଟର ଓ ଜେରକ୍ସ ମେସିନ କିଣି ବ୍ୟବସାୟ କରୁଥିଲେ । ବର୍ତ୍ତମାନ ନବୀନଙ୍କ ରୋଜଗାର ହୋଇପାରୁଥିବା ଜଣାପଡ଼ିଛି ।
ରାଜ୍ୟପାଳ ପୁରସ୍କାରପ୍ରାପ୍ତ ସୁଶିକ୍ଷକ ପ୍ରଫୁଲ୍ଲ ତ୍ରିପାଠୀଙ୍କ ପରଲୋକ
ଗୁଣୁପୁର(ଆଦ୍ୟାଶା)୦୧/୦୬:ରାମନାଗୁଡ଼ା ବ୍ଲକ ଲିମାଡ଼ବର ଗ୍ରାମର ଅବସରପ୍ରାପ୍ତ ଶିକ୍ଷକ ତଥା ରାଜ୍ୟପାଳ ପୁରସ୍କାରପ୍ରାପ୍ତ ବରିଷ୍ଠ ପ୍ରଫୁଲ୍ଲ ତ୍ରିପାଠୀଙ୍କର ବେହାନ୍ତ ହୋଇଯାଇଛି । ମୃତ୍ୟୁ ସମୟରେ ନିକଟରେ ତାଙ୍କ ପରିବାରବର୍ଗ ଓ ଆତ୍ମୀୟସ୍ୱଜନ ଉପସ୍ଥିତ ଥିଲେ। ତାଙ୍କ ବିୟୋଗରେ ସମଗ୍ର ଅଞ୍ଚଳରେ ଶୋକର ଛାୟା ଖେଳିଯାଇଛି । ଶ୍ରୀଯୁକ୍ତ ତ୍ରିପାଠୀ କେବଳ ଜଣେ ଦକ୍ଷ ଏବଂ ଆଦର୍ଶ ଶିକ୍ଷକ ନଥିଲେ, ସେ ଜଣେ ଅତ୍ୟନ୍ତ ଧର୍ମପରାୟଣ ଏବଂ ସରଳମନା ମଣିଷ ଭାବେ ସ୍ଥାନୀୟ ଅଞ୍ଚଳରେ ବେଶ୍ ପରିଚିତ ଥିଲେ। ଶିକ୍ଷାଦାନ କ୍ଷେତ୍ରରେ ତାଙ୍କର ଉତ୍କୃଷ୍ଟତା ଓ ଅବଦାନ ପାଇଁ ତାଙ୍କୁ ସରକାରଙ୍କ ରାଜ୍ୟପାଳ ପୁରସ୍କାରରେ ସମ୍ମାନିତ କରାଯାଇଥିଲା। ଜୀବନର ଶେଷ ସମୟ ପର୍ଯ୍ୟନ୍ତ ସେ ଆଧ୍ୟାତ୍ମିକତା ସହ ଜଡ଼ିତ ଥିଲେ ସେ ଜଣେ ସଂକୀର୍ତ୍ତନ ପ୍ରେମୀ ଥିଲେ ଏବଂ ନିୟମିତ ଭାଗବତ ପାଠ କରି ସମାଜରେ ସଂସ୍କାର ଆଣିବାକୁ ଚେଷ୍ଟା କରୁଥିଲେ। ତାଙ୍କର ଏହି ନିଷ୍ଠା ଓ ଈଶ୍ୱର ବିଶ୍ୱାସ ଯୋଗୁଁ ଗ୍ରାମ ତଥା ଆଖପାଖ ଅଞ୍ଚଳର ପ୍ରତ୍ୟେକ ବ୍ୟକ୍ତି ତାଙ୍କୁ ସମ୍ମାନ କରୁଥିଲେ। ତାଙ୍କ ବିୟୋଗ ରେ ଗୋଷ୍ଠୀ ଉନ୍ନୟନ ଅଧିକାରୀ ପ୍ରଦ୍ୟୁମ୍ନ ମଲ୍ଲିକ, ଜିଲ୍ଲାପରିଷଦ ସଦସ୍ୟ ପାଣିଗ୍ରାହୀ,ସ୍ୱତନ୍ତ୍ର ଉନ୍ନୟନ ପରିଷଦ ଅଧ୍ୟକ୍ଷ ବିଦ୍ୟାଧର ଶବର, ଗୁଣୁପୁର ପୌର ପରିଷଦ ଉପାଧ୍ୟକ୍ଷ ଶିବ ପ୍ରସାଦ ଗୌଡ଼, ବିଧାୟକ ସତ୍ୟଜିତ୍ ଗମାଙ୍ଗ, ପୂର୍ବତନ ବିଧାୟକ ରଘୁନାଥ ଗମାଙ୍ଗ,ସୁଧୀର ଦାସ,ବନମାଳୀ ଗମାଙ୍ଗଙ୍କ ସମେତ ପ୍ରଶାସନ ସ୍ତରର ଅଧିକାରୀ,ଗଣମାଧ୍ୟମ ରାଧ୍ୟାକୃଷ୍ଣ ପଣ୍ଡା,ଚିନ୍ମୟ ରଥ ପ୍ରମୁଖ ଗଭୀର ଶୋକ ପ୍ରକାଶ କରିବା ସହ ଶୋକସନ୍ତପ୍ତ ପରିବାରବର୍ଗଙ୍କୁ ସମବେଦନା ଜଣାଇଛନ୍ତି। ତାଙ୍କ ବିୟୋଗ ଶିକ୍ଷା ଜଗତ ଏବଂ ଆଧ୍ୟାତ୍ମିକ ସମାଜ ପାଇଁ ଏକ ଅପୂରଣୀୟ କ୍ଷତି।
